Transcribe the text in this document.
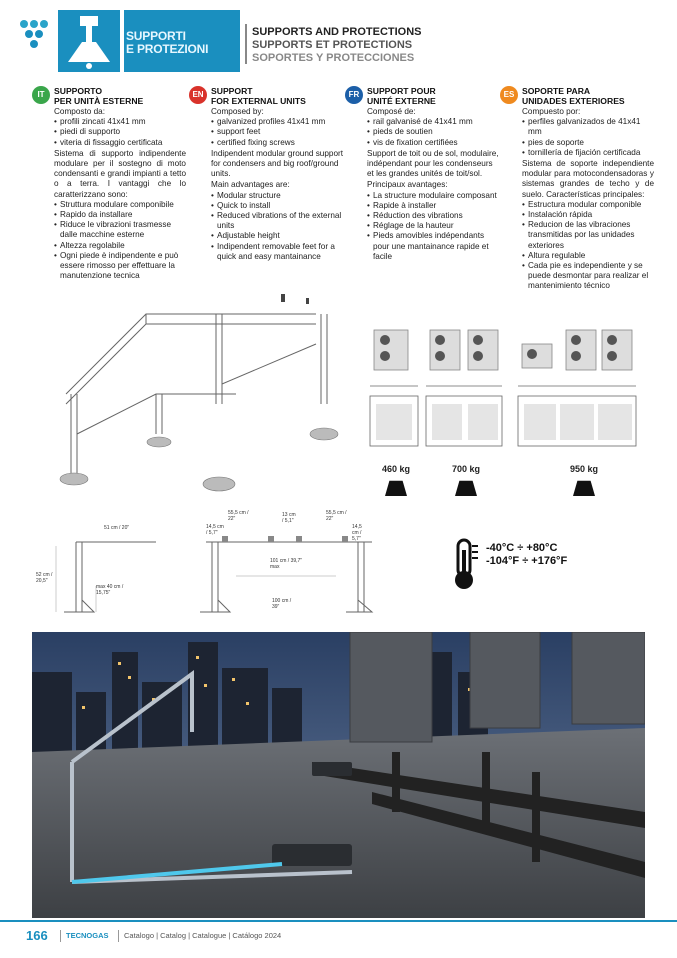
SUPPORTI
E PROTEZIONI
SUPPORTS AND PROTECTIONS
SUPPORTS ET PROTECTIONS
SOPORTES Y PROTECCIONES
IT	SUPPORTO
PER UNITÀ ESTERNE

Composto da:

• profili zincati 41x41 mm
• piedi di supporto
• viteria di fissaggio certificata

Sistema di supporto indipendente modulare per il sostegno di moto condensanti e grandi impianti a tetto o a terra. I vantaggi che lo caratterizzano sono:

• Struttura modulare componibile
• Rapido da installare
• Riduce le vibrazioni trasmesse dalle macchine esterne
• Altezza regolabile
• Ogni piede è indipendente e può essere rimosso per effettuare la manutenzione tecnica
EN SUPPORT
FOR EXTERNAL UNITS

Composed by:

• galvanized profiles 41x41 mm
• support feet
• certified fixing screws

Indipendent modular ground support for condensers and big roof/ground units.

Main advantages are:

• Modular structure
• Quick to install
• Reduced vibrations of the external units
• Adjustable height
• Indipendent removable feet for a quick and easy mantainance
FR SUPPORT POUR
UNITÉ EXTERNE

Composé de:

• rail galvanisé de 41x41 mm
• pieds de soutien
• vis de fixation certifiées

Support de toit ou de sol, modulaire, indépendant pour les condenseurs et les grandes unités de toit/sol.

Principaux avantages:

• La structure modulaire composant
• Rapide à installer
• Réduction des vibrations
• Réglage de la hauteur
• Pieds amovibles indépendants pour une mantainance rapide et facile
ES SOPORTE PARA
UNIDADES EXTERIORES

Compuesto por:

• perfiles galvanizados de 41x41 mm
• pies de soporte
• tornillería de fijación certificada

Sistema de soporte independiente modular para motocondensadoras y sistemas grandes de techo y de suelo. Características principales:

• Estructura modular componible
• Instalación rápida
• Reducion de las vibraciones transmitidas por las unidades exteriores
• Altura regulable
• Cada pie es independiente y se puede desmontar para realizar el mantenimiento técnico
460 kg	700 kg	950 kg
51 cm / 20"
52 cm / 20,5"
max 40 cm / 15,75"
14,5 cm / 5,7"
55,5 cm / 22"
13 cm / 5,1"
55,5 cm / 22"
14,5 cm / 5,7"
101 cm / 39,7" max
100 cm / 39"
-40°C ÷ +80°C
-104°F ÷ +176°F
166 TECNOGAS Catalogo | Catalog | Catalogue | Catálogo 2024
